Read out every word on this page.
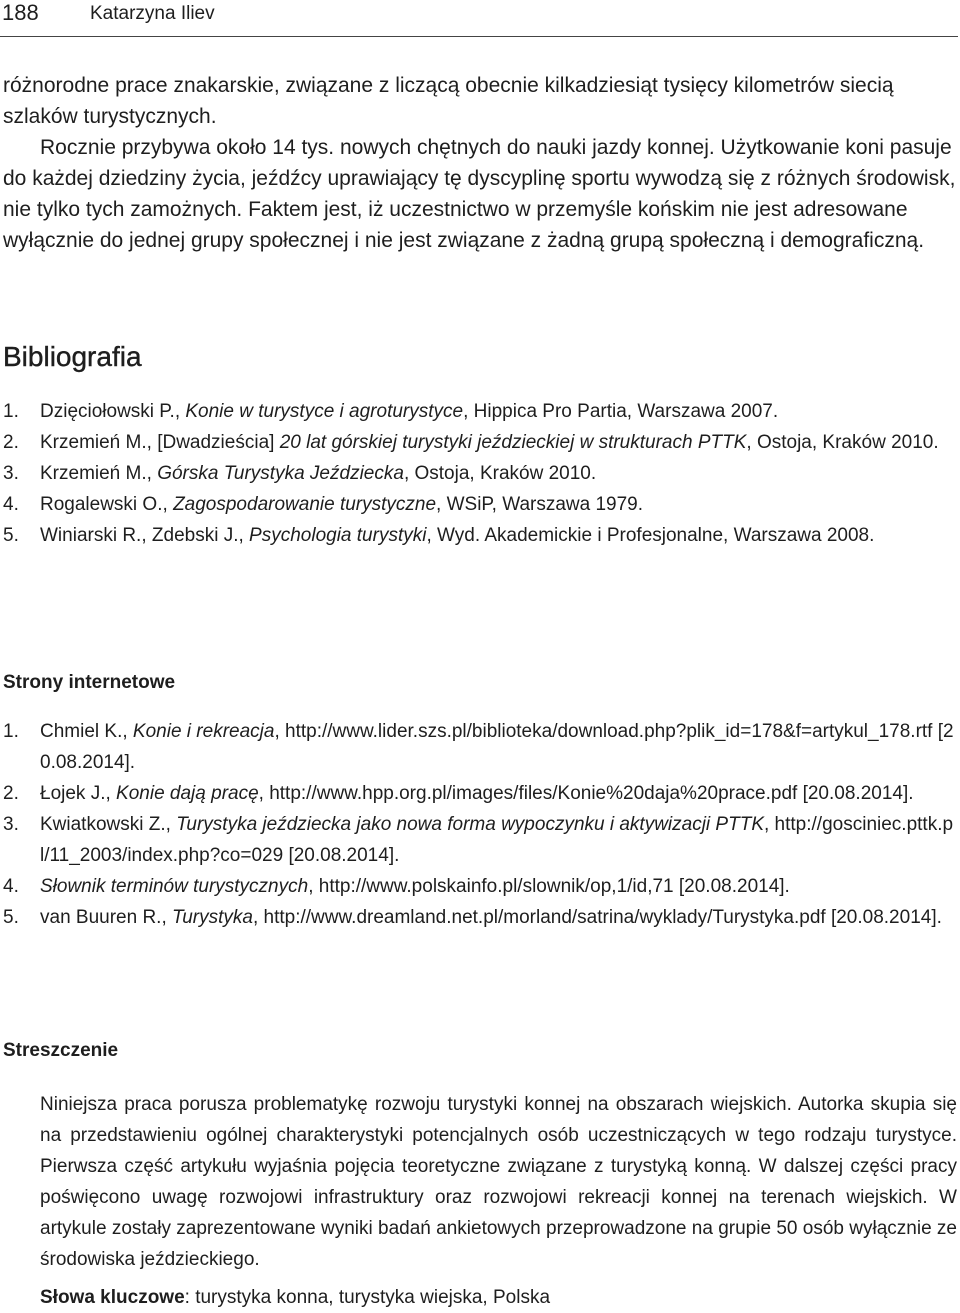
188	Katarzyna Iliev

różnorodne prace znakarskie, związane z liczącą obecnie kilkadziesiąt tysięcy kilometrów siecią szlaków turystycznych.

Rocznie przybywa około 14 tys. nowych chętnych do nauki jazdy konnej. Użytkowanie koni pasuje do każdej dziedziny życia, jeźdźcy uprawiający tę dyscyplinę sportu wywodzą się z różnych środowisk, nie tylko tych zamożnych. Faktem jest, iż uczestnictwo w przemyśle końskim nie jest adresowane wyłącznie do jednej grupy społecznej i nie jest związane z żadną grupą społeczną i demograficzną.

Bibliografia
1. Dzięciołowski P., Konie w turystyce i agroturystyce, Hippica Pro Partia, Warszawa 2007.
2. Krzemień M., [Dwadzieścia] 20 lat górskiej turystyki jeździeckiej w strukturach PTTK, Ostoja, Kraków 2010.
3. Krzemień M., Górska Turystyka Jeździecka, Ostoja, Kraków 2010.
4. Rogalewski O., Zagospodarowanie turystyczne, WSiP, Warszawa 1979.
5. Winiarski R., Zdebski J., Psychologia turystyki, Wyd. Akademickie i Profesjonalne, Warszawa 2008.
Strony internetowe
1. Chmiel K., Konie i rekreacja, http://www.lider.szs.pl/biblioteka/download.php?plik_id=178&f=artykul_178.rtf [20.08.2014].
2. Łojek J., Konie dają pracę, http://www.hpp.org.pl/images/files/Konie%20daja%20prace.pdf [20.08.2014].
3. Kwiatkowski Z., Turystyka jeździecka jako nowa forma wypoczynku i aktywizacji PTTK, http://gosciniec.pttk.pl/11_2003/index.php?co=029 [20.08.2014].
4. Słownik terminów turystycznych, http://www.polskainfo.pl/slownik/op,1/id,71 [20.08.2014].
5. van Buuren R., Turystyka, http://www.dreamland.net.pl/morland/satrina/wyklady/Turystyka.pdf [20.08.2014].
Streszczenie

Niniejsza praca porusza problematykę rozwoju turystyki konnej na obszarach wiejskich. Autorka skupia się na przedstawieniu ogólnej charakterystyki potencjalnych osób uczestniczących w tego rodzaju turystyce. Pierwsza część artykułu wyjaśnia pojęcia teoretyczne związane z turystyką konną. W dalszej części pracy poświęcono uwagę rozwojowi infrastruktury oraz rozwojowi rekreacji konnej na terenach wiejskich. W artykule zostały zaprezentowane wyniki badań ankietowych przeprowadzone na grupie 50 osób wyłącznie ze środowiska jeździeckiego.

Słowa kluczowe: turystyka konna, turystyka wiejska, Polska
